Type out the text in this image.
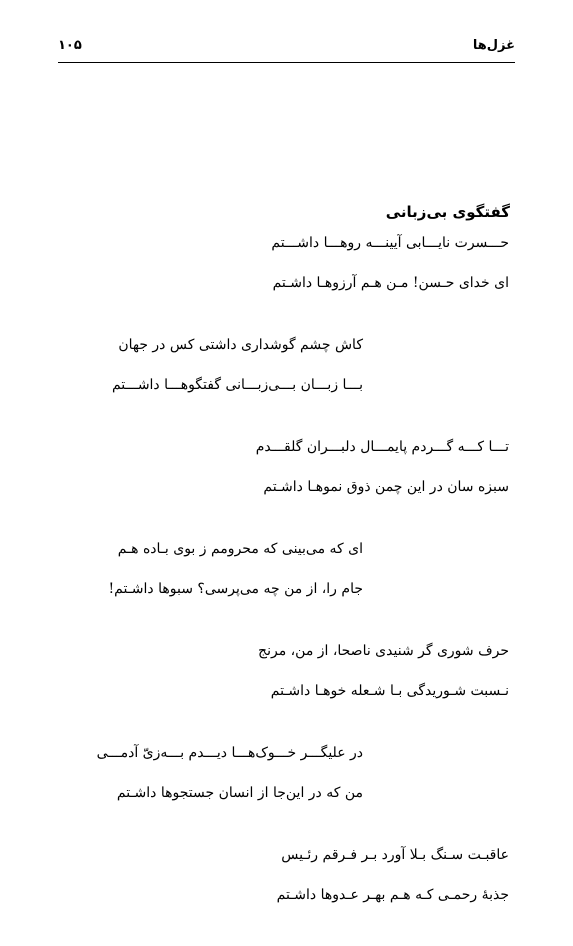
غزل‌ها
۱۰۵
گفتگوی بی‌زبانی
حـــسرت نایـــابی آیینـــه روهـــا داشـــتم
ای خدای حـسن! مـن هـم آرزوهـا داشـتم
کاش چشم گوشداری داشتی کس در جهان
بـــا زبـــان بـــی‌زبـــانی گفتگوهـــا داشـــتم
تـــا کـــه گـــردم پایمـــال دلبـــران گلقـــدم
سبزه سان در این چمن ذوق نموهـا داشـتم
ای که می‌بینی که محرومم ز بوی بـاده هـم
جام را، از من چه می‌پرسی؟ سبوها داشـتم!
حرف شوری گر شنیدی ناصحا، از من، مرنج
نـسبت شـوریدگی بـا شـعله خوهـا داشـتم
در علیگـــر خـــوک‌هـــا دیـــدم بـــه‌زیّ آدمـــی
من که در این‌جا از انسان جستجوها داشـتم
عاقبـت سـنگ بـلا آورد بـر فـرقم رئـیس
جذبهٔ رحمـی کـه هـم بهـر عـدوها داشـتم
